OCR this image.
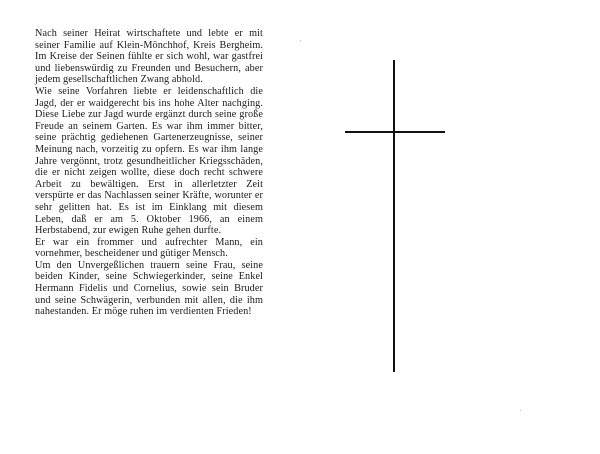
Nach seiner Heirat wirtschaftete und lebte er mit seiner Familie auf Klein-Mönchhof, Kreis Bergheim. Im Kreise der Seinen fühlte er sich wohl, war gastfrei und liebenswürdig zu Freunden und Besuchern, aber jedem gesellschaftlichen Zwang abhold.

Wie seine Vorfahren liebte er leidenschaftlich die Jagd, der er waidgerecht bis ins hohe Alter nachging. Diese Liebe zur Jagd wurde ergänzt durch seine große Freude an seinem Garten. Es war ihm immer bitter, seine prächtig gediehenen Gartenerzeugnisse, seiner Meinung nach, vorzeitig zu opfern. Es war ihm lange Jahre vergönnt, trotz gesundheitlicher Kriegsschäden, die er nicht zeigen wollte, diese doch recht schwere Arbeit zu bewältigen. Erst in allerletzter Zeit verspürte er das Nachlassen seiner Kräfte, worunter er sehr gelitten hat. Es ist im Einklang mit diesem Leben, daß er am 5. Oktober 1966, an einem Herbstabend, zur ewigen Ruhe gehen durfte.

Er war ein frommer und aufrechter Mann, ein vornehmer, bescheidener und gütiger Mensch.

Um den Unvergeßlichen trauern seine Frau, seine beiden Kinder, seine Schwiegerkinder, seine Enkel Hermann Fidelis und Cornelius, sowie sein Bruder und seine Schwägerin, verbunden mit allen, die ihm nahestanden. Er möge ruhen im verdienten Frieden!
